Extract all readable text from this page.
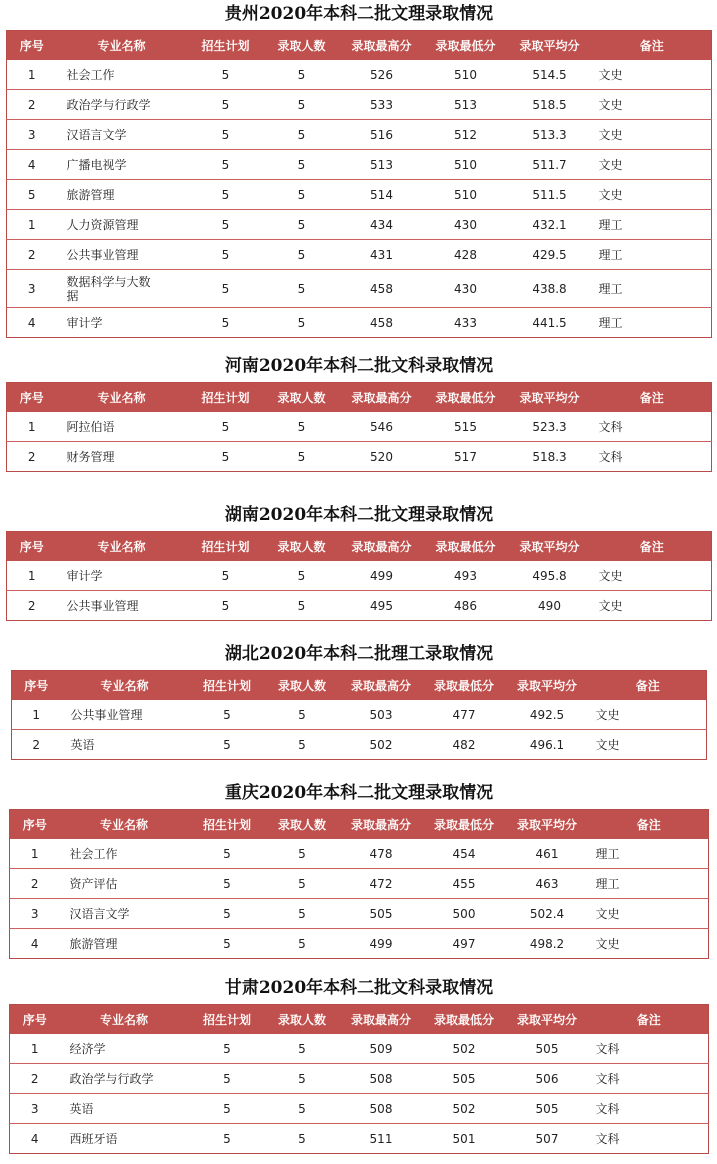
贵州2020年本科二批文理录取情况
序号	专业名称	招生计划	录取人数	录取最高分	录取最低分	录取平均分	备注
1	社会工作	5	5	526	510	514.5	文史
2	政治学与行政学	5	5	533	513	518.5	文史
3	汉语言文学	5	5	516	512	513.3	文史
4	广播电视学	5	5	513	510	511.7	文史
5	旅游管理	5	5	514	510	511.5	文史
1	人力资源管理	5	5	434	430	432.1	理工
2	公共事业管理	5	5	431	428	429.5	理工
3	数据科学与大数据	5	5	458	430	438.8	理工
4	审计学	5	5	458	433	441.5	理工
河南2020年本科二批文科录取情况
序号	专业名称	招生计划	录取人数	录取最高分	录取最低分	录取平均分	备注
1	阿拉伯语	5	5	546	515	523.3	文科
2	财务管理	5	5	520	517	518.3	文科
湖南2020年本科二批文理录取情况
序号	专业名称	招生计划	录取人数	录取最高分	录取最低分	录取平均分	备注
1	审计学	5	5	499	493	495.8	文史
2	公共事业管理	5	5	495	486	490	文史
湖北2020年本科二批理工录取情况
序号	专业名称	招生计划	录取人数	录取最高分	录取最低分	录取平均分	备注
1	公共事业管理	5	5	503	477	492.5	文史
2	英语	5	5	502	482	496.1	文史
重庆2020年本科二批文理录取情况
序号	专业名称	招生计划	录取人数	录取最高分	录取最低分	录取平均分	备注
1	社会工作	5	5	478	454	461	理工
2	资产评估	5	5	472	455	463	理工
3	汉语言文学	5	5	505	500	502.4	文史
4	旅游管理	5	5	499	497	498.2	文史
甘肃2020年本科二批文科录取情况
序号	专业名称	招生计划	录取人数	录取最高分	录取最低分	录取平均分	备注
1	经济学	5	5	509	502	505	文科
2	政治学与行政学	5	5	508	505	506	文科
3	英语	5	5	508	502	505	文科
4	西班牙语	5	5	511	501	507	文科
